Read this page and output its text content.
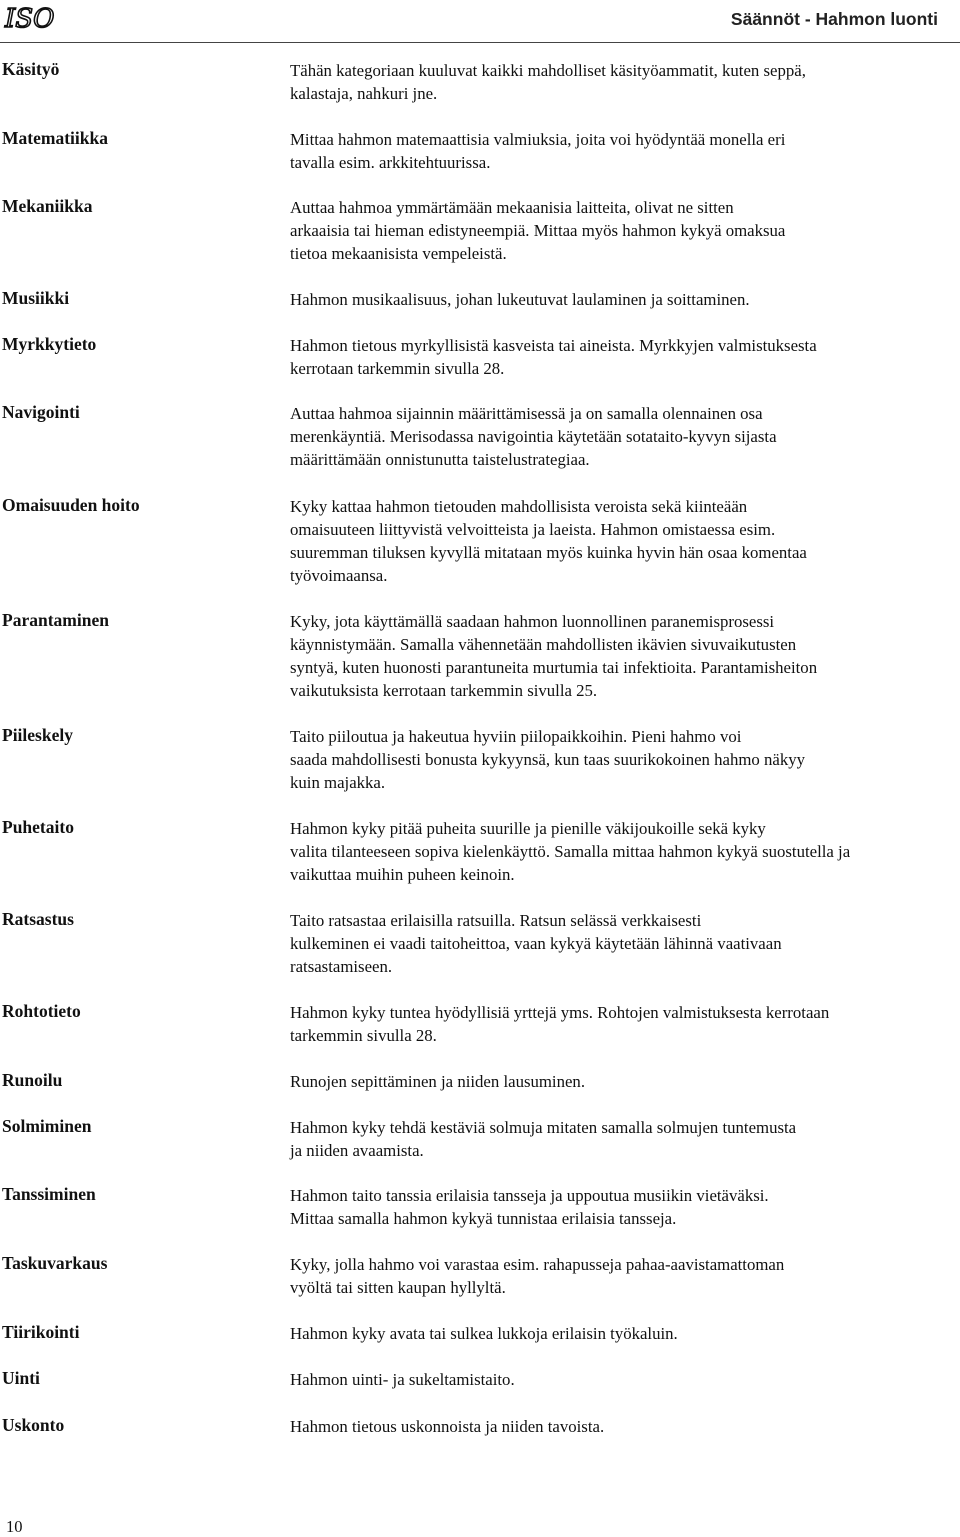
ISO	Säännöt - Hahmon luonti
Käsityö	Tähän kategoriaan kuuluvat kaikki mahdolliset käsityöammatit, kuten seppä,
kalastaja, nahkuri jne.
Matematiikka	Mittaa hahmon matemaattisia valmiuksia, joita voi hyödyntää monella eri
tavalla esim. arkkitehtuurissa.
Mekaniikka	Auttaa hahmoa ymmärtämään mekaanisia laitteita, olivat ne sitten
arkaaisia tai hieman edistyneempiä. Mittaa myös hahmon kykyä omaksua
tietoa mekaanisista vempeleistä.
Musiikki	Hahmon musikaalisuus, johan lukeutuvat laulaminen ja soittaminen.
Myrkkytieto	Hahmon tietous myrkyllisistä kasveista tai aineista. Myrkkyjen valmistuksesta
kerrotaan tarkemmin sivulla 28.
Navigointi	Auttaa hahmoa sijainnin määrittämisessä ja on samalla olennainen osa
merenkäyntiä. Merisodassa navigointia käytetään sotataito-kyvyn sijasta
määrittämään onnistunutta taistelustrategiaa.
Omaisuuden hoito	Kyky kattaa hahmon tietouden mahdollisista veroista sekä kiinteään
omaisuuteen liittyvistä velvoitteista ja laeista. Hahmon omistaessa esim.
suuremman tiluksen kyvyllä mitataan myös kuinka hyvin hän osaa komentaa
työvoimaansa.
Parantaminen	Kyky, jota käyttämällä saadaan hahmon luonnollinen paranemisprosessi
käynnistymään. Samalla vähennetään mahdollisten ikävien sivuvaikutusten
syntyä, kuten huonosti parantuneita murtumia tai infektioita. Parantamisheiton
vaikutuksista kerrotaan tarkemmin sivulla 25.
Piileskely	Taito piiloutua ja hakeutua hyviin piilopaikkoihin. Pieni hahmo voi
saada mahdollisesti bonusta kykyynsä, kun taas suurikokoinen hahmo näkyy
kuin majakka.
Puhetaito	Hahmon kyky pitää puheita suurille ja pienille väkijoukoille sekä kyky
valita tilanteeseen sopiva kielenkäyttö. Samalla mittaa hahmon kykyä suostutella ja
vaikuttaa muihin puheen keinoin.
Ratsastus	Taito ratsastaa erilaisilla ratsuilla. Ratsun selässä verkkaisesti
kulkeminen ei vaadi taitoheittoa, vaan kykyä käytetään lähinnä vaativaan
ratsastamiseen.
Rohtotieto	Hahmon kyky tuntea hyödyllisiä yrttejä yms. Rohtojen valmistuksesta kerrotaan
tarkemmin sivulla 28.
Runoilu	Runojen sepittäminen ja niiden lausuminen.
Solmiminen	Hahmon kyky tehdä kestäviä solmuja mitaten samalla solmujen tuntemusta
ja niiden avaamista.
Tanssiminen	Hahmon taito tanssia erilaisia tansseja ja uppoutua musiikin vietäväksi.
Mittaa samalla hahmon kykyä tunnistaa erilaisia tansseja.
Taskuvarkaus	Kyky, jolla hahmo voi varastaa esim. rahapusseja pahaa-aavistamattoman
vyöltä tai sitten kaupan hyllyltä.
Tiirikointi	Hahmon kyky avata tai sulkea lukkoja erilaisin työkaluin.
Uinti	Hahmon uinti- ja sukeltamistaito.
Uskonto	Hahmon tietous uskonnoista ja niiden tavoista.
10
